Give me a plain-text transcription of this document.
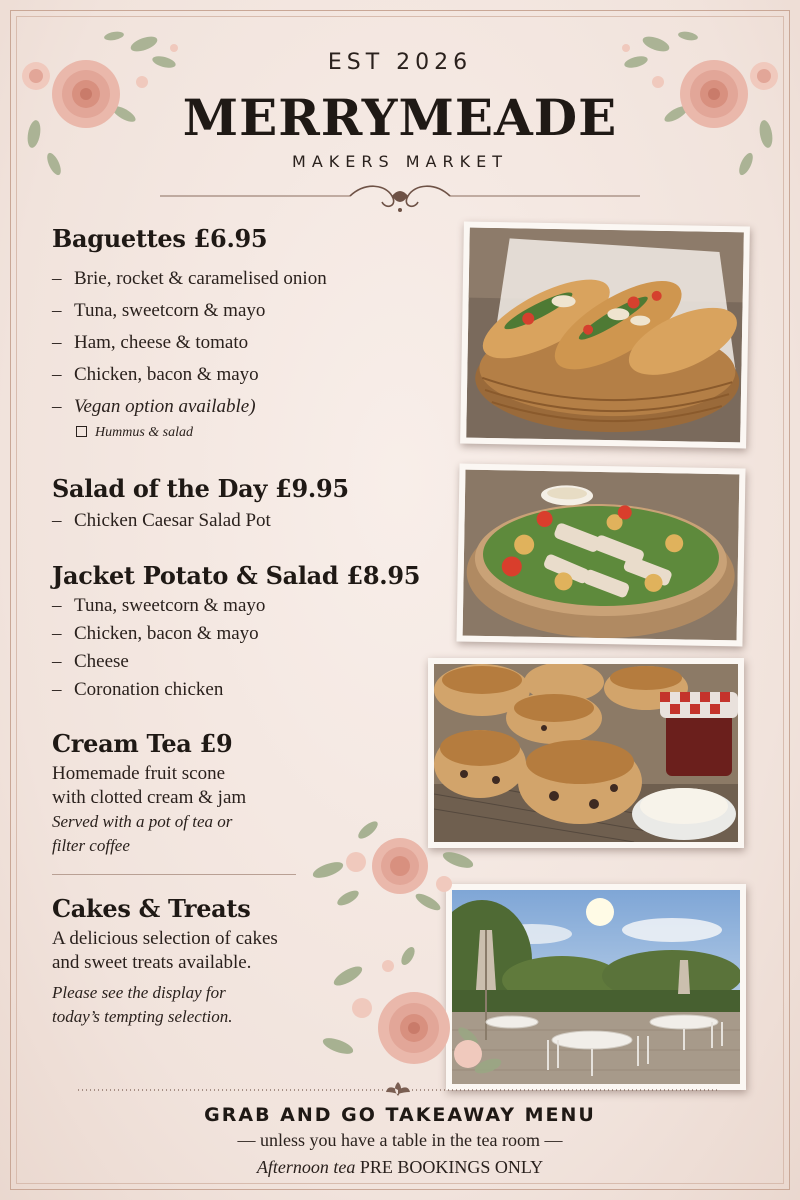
EST 2026
MERRYMEADE
MAKERS MARKET
Baguettes £6.95
– Brie, rocket & caramelised onion
– Tuna, sweetcorn & mayo
– Ham, cheese & tomato
– Chicken, bacon & mayo
– Vegan option available)
Hummus & salad
Salad of the Day £9.95
– Chicken Caesar Salad Pot
Jacket Potato & Salad £8.95
– Tuna, sweetcorn & mayo
– Chicken, bacon & mayo
– Cheese
– Coronation chicken
Cream Tea £9
Homemade fruit scone
with clotted cream & jam
Served with a pot of tea or
filter coffee
Cakes & Treats
A delicious selection of cakes
and sweet treats available.
Please see the display for
today’s tempting selection.
GRAB AND GO TAKEAWAY MENU
— unless you have a table in the tea room —
Afternoon tea PRE BOOKINGS ONLY
